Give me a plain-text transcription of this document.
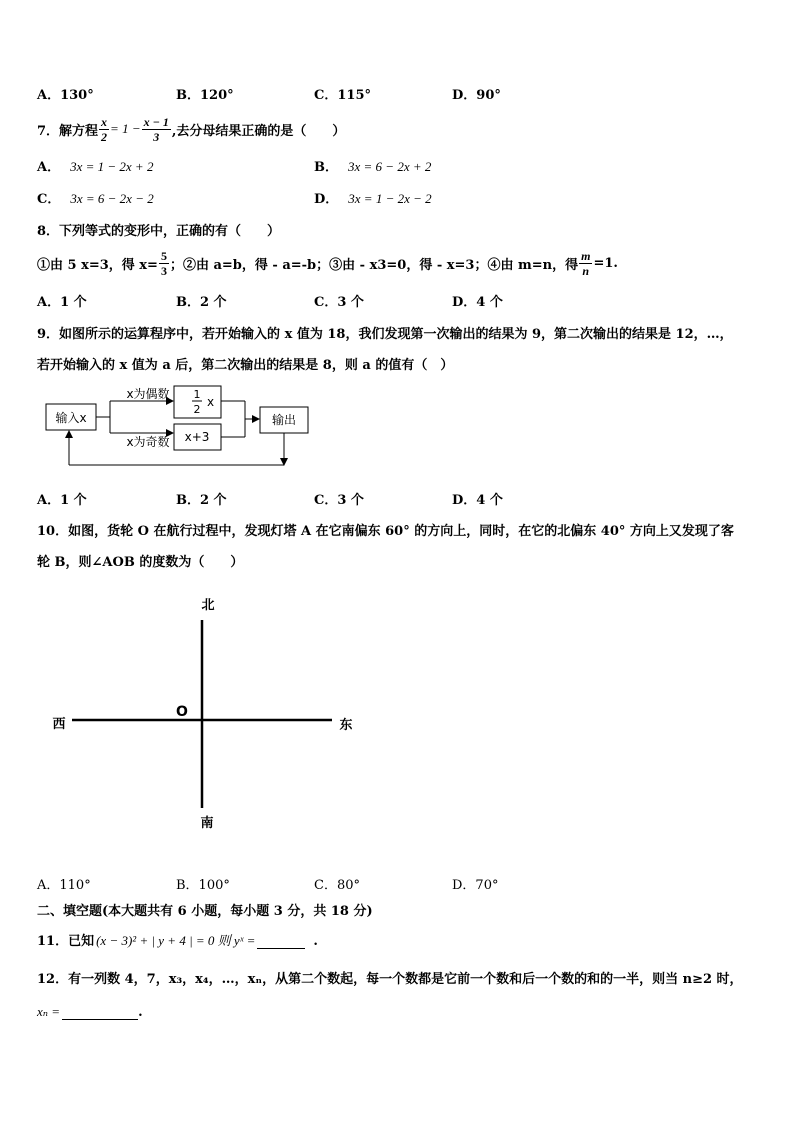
A．130°	B．120°	C．115°	D．90°
7．解方程 $\frac{x}{2} = 1 - \frac{x - 1}{3}$ ,去分母结果正确的是（　　）
A． 3x = 1 − 2x + 2	B． 3x = 6 − 2x + 2
C． 3x = 6 − 2x − 2	D． 3x = 1 − 2x − 2
8．下列等式的变形中，正确的有（　　）
①由 5 x=3，得 $x= \frac{5}{3}$ ；②由 a=b，得 - a=-b；③由 - x3=0，得 - x=3；④由 m=n，得 $\frac{m}{n} =1$.
A．1 个	B．2 个	C．3 个	D．4 个
9．如图所示的运算程序中，若开始输入的 x 值为 18，我们发现第一次输出的结果为 9，第二次输出的结果是 12，…，
若开始输入的 x 值为 a 后，第二次输出的结果是 8，则 a 的值有（　）
输入x
x为偶数
x为奇数
1
2
x
x+3
输出
A．1 个	B．2 个	C．3 个	D．4 个
10．如图，货轮 O 在航行过程中，发现灯塔 A 在它南偏东 60° 的方向上，同时，在它的北偏东 40° 方向上又发现了客
轮 B，则∠AOB 的度数为（　　）
北
西	东
O
南
A．110°	B．100°	C．80°	D．70°
二、填空题(本大题共有 6 小题，每小题 3 分，共 18 分)
11．已知 (x − 3)² + | y + 4 | = 0 则 yˣ =	.
12．有一列数 4，7，x₃，x₄，…，xₙ，从第二个数起，每一个数都是它前一个数和后一个数的和的一半，则当 n≥2 时，
xₙ =	.
